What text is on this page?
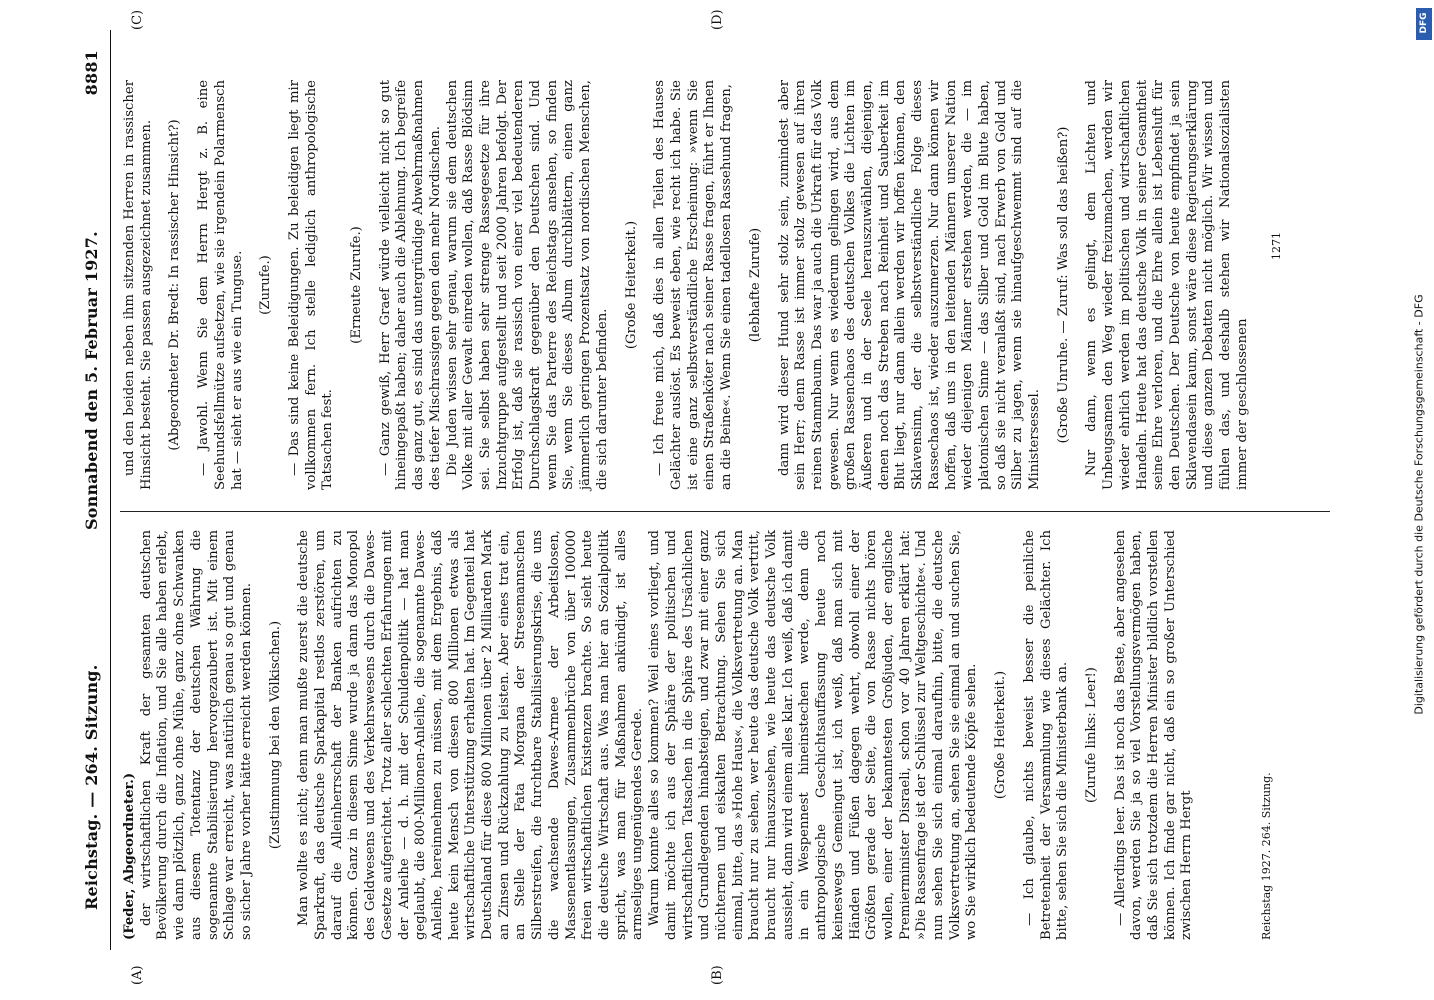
Reichstag. — 264. Sitzung.
Sonnabend den 5. Februar 1927.
8881
(A)	(B)
(C)	(D)

(Feder, Abgeordneter.) der wirtschaftlichen Kraft der gesamten deutschen Bevölkerung durch die Inflation, und Sie alle haben erlebt, wie dann plötzlich, ganz ohne Mühe, ganz ohne Schwanken aus diesem Totentanz der deutschen Währung die sogenannte Stabilisierung hervorgezaubert ist. Mit einem Schlage war erreicht, was natürlich genau so gut und genau so sicher Jahre vorher hätte erreicht werden können. (Zustimmung bei den Völkischen.) Man wollte es nicht; denn man mußte zuerst die deutsche Sparkraft, das deutsche Sparkapital restlos zerstören, um darauf die Alleinherrschaft der Banken aufrichten zu können. Ganz in diesem Sinne wurde ja dann das Monopol des Geldwesens und des Verkehrswesens durch die Dawes-Gesetze aufgerichtet. Trotz aller schlechten Erfahrungen mit der Anleihe — d. h. mit der Schuldenpolitik — hat man geglaubt, die 800-Millionen-Anleihe, die sogenannte Dawes-Anleihe, hereinnehmen zu müssen, mit dem Ergebnis, daß heute kein Mensch von diesen 800 Millionen etwas als wirtschaftliche Unterstützung erhalten hat. Im Gegenteil hat Deutschland für diese 800 Millionen über 2 Milliarden Mark an Zinsen und Rückzahlung zu leisten. Aber eines trat ein, an Stelle der Fata Morgana der Stresemannschen Silberstreifen, die furchtbare Stabilisierungskrise, die uns die wachsende Dawes-Armee der Arbeitslosen, Massenentlassungen, Zusammenbrüche von über 100000 freien wirtschaftlichen Existenzen brachte. So sieht heute die deutsche Wirtschaft aus. Was man hier an Sozialpolitik spricht, was man für Maßnahmen ankündigt, ist alles armseliges ungenügendes Gerede. Warum konnte alles so kommen? Weil eines vorliegt, und damit möchte ich aus der Sphäre der politischen und wirtschaftlichen Tatsachen in die Sphäre des Ursächlichen und Grundlegenden hinabsteigen, und zwar mit einer ganz nüchternen und eiskalten Betrachtung. Sehen Sie sich einmal, bitte, das »Hohe Haus«, die Volksvertretung an. Man braucht nur zu sehen, wer heute das deutsche Volk vertritt, braucht nur hinauszusehen, wie heute das deutsche Volk aussieht, dann wird einem alles klar. Ich weiß, daß ich damit in ein Wespennest hineinstechen werde, denn die anthropologische Geschichtsauffassung heute noch keineswegs Gemeingut ist, ich weiß, daß man sich mit Händen und Füßen dagegen wehrt, obwohl einer der Größten gerade der Seite, die von Rasse nichts hören wollen, einer der bekanntesten Großjuden, der englische Premierminister Disraeli, schon vor 40 Jahren erklärt hat: »Die Rassenfrage ist der Schlüssel zur Weltgeschichte«. Und nun sehen Sie sich einmal daraufhin, bitte, die deutsche Volksvertretung an, sehen Sie sie einmal an und suchen Sie, wo Sie wirklich bedeutende Köpfe sehen. (Große Heiterkeit.) — Ich glaube, nichts beweist besser die peinliche Betretenheit der Versammlung wie dieses Gelächter. Ich bitte, sehen Sie sich die Ministerbank an. (Zurufe links: Leer!) — Allerdings leer. Das ist noch das Beste, aber angesehen davon, werden Sie ja so viel Vorstellungsvermögen haben, daß Sie sich trotzdem die Herren Minister bildlich vorstellen können. Ich finde gar nicht, daß ein so großer Unterschied zwischen Herrn Hergt

und den beiden neben ihm sitzenden Herren in rassischer Hinsicht besteht. Sie passen ausgezeichnet zusammen. (Abgeordneter Dr. Bredt: In rassischer Hinsicht?) — Jawohl. Wenn Sie dem Herrn Hergt z. B. eine Seehundsfellmütze aufsetzen, wie sie irgendein Polarmensch hat — sieht er aus wie ein Tunguse. (Zurufe.) — Das sind keine Beleidigungen. Zu beleidigen liegt mir vollkommen fern. Ich stelle lediglich anthropologische Tatsachen fest.

(Erneute Zurufe.) — Ganz gewiß, Herr Graef würde vielleicht nicht so gut hineingepaßt haben; daher auch die Ablehnung. Ich begreife das ganz gut, es sind das untergründige Abwehrmaßnahmen des tiefer Mischrassigen gegen den mehr Nordischen. Die Juden wissen sehr genau, warum sie dem deutschen Volke mit aller Gewalt einreden wollen, daß Rasse Blödsinn sei. Sie selbst haben sehr strenge Rassegesetze für ihre Inzuchtgruppe aufgestellt und seit 2000 Jahren befolgt. Der Erfolg ist, daß sie rassisch von einer viel bedeutenderen Durchschlagskraft gegenüber den Deutschen sind. Und wenn Sie das Parterre des Reichstags ansehen, so finden Sie, wenn Sie dieses Album durchblättern, einen ganz jämmerlich geringen Prozentsatz von nordischen Menschen, die sich darunter befinden.

(Große Heiterkeit.) — Ich freue mich, daß dies in allen Teilen des Hauses Gelächter auslöst. Es beweist eben, wie recht ich habe. Sie ist eine ganz selbstverständliche Erscheinung: »wenn Sie einen Straßenköter nach seiner Rasse fragen, führt er Ihnen an die Beine«. Wenn Sie einen tadellosen Rassehund fragen, (lebhafte Zurufe) dann wird dieser Hund sehr stolz sein, zumindest aber sein Herr; denn Rasse ist immer stolz gewesen auf ihren reinen Stammbaum. Das war ja auch die Urkraft für das Volk gewesen. Nur wenn es wiederum gelingen wird, aus dem großen Rassenchaos des deutschen Volkes die Lichten im Äußeren und in der Seele herauszuwählen, diejenigen, denen noch das Streben nach Reinheit und Sauberkeit im Blut liegt, nur dann allein werden wir hoffen können, den Sklavensinn, der die selbstverständliche Folge dieses Rassechaos ist, wieder auszumerzen. Nur dann können wir hoffen, daß uns in den leitenden Männern unserer Nation wieder diejenigen Männer erstehen werden, die — im platonischen Sinne — das Silber und Gold im Blute haben, so daß sie nicht veranlaßt sind, nach Erwerb von Gold und Silber zu jagen, wenn sie hinaufgeschwemmt sind auf die Ministersessel. (Große Unruhe. — Zuruf: Was soll das heißen?) Nur dann, wenn es gelingt, dem Lichten und Unbeugsamen den Weg wieder freizumachen, werden wir wieder ehrlich werden im politischen und wirtschaftlichen Handeln. Heute hat das deutsche Volk in seiner Gesamtheit seine Ehre verloren, und die Ehre allein ist Lebensluft für den Deutschen. Der Deutsche von heute empfindet ja sein Sklavendasein kaum, sonst wäre diese Regierungserklärung und diese ganzen Debatten nicht möglich. Wir wissen und fühlen das, und deshalb stehen wir Nationalsozialisten immer der geschlossenen

Reichstag 1927. 264. Sitzung.
1271
DFG
Digitalisierung gefördert durch die Deutsche Forschungsgemeinschaft - DFG
